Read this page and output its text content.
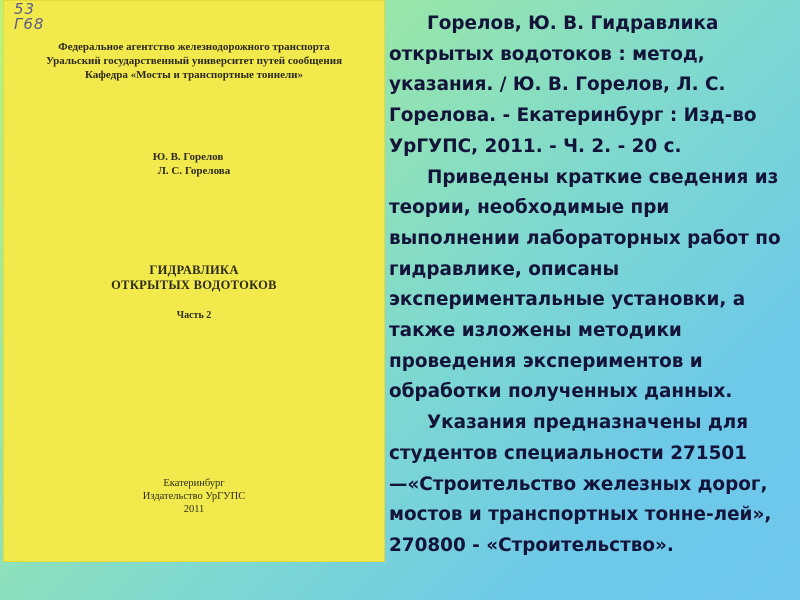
53
Г68
Федеральное агентство железнодорожного транспорта
Уральский государственный университет путей сообщения
Кафедра «Мосты и транспортные тоннели»
Ю. В. Горелов
Л. С. Горелова
ГИДРАВЛИКА
ОТКРЫТЫХ ВОДОТОКОВ
Часть 2
Екатеринбург
Издательство УрГУПС
2011

Горелов, Ю. В. Гидравлика открытых водотоков : метод, указания. / Ю. В. Горелов, Л. С. Горелова. - Екатеринбург : Изд-во УрГУПС, 2011. - Ч. 2. - 20 с.

Приведены краткие сведения из теории, необходимые при выполнении лабораторных работ по гидравлике, описаны экспериментальные установки, а также изложены методики проведения экспериментов и обработки полученных данных.

Указания предназначены для студентов специальности 271501—«Строительство железных дорог, мостов и транспортных тонне-лей», 270800 - «Строительство».
